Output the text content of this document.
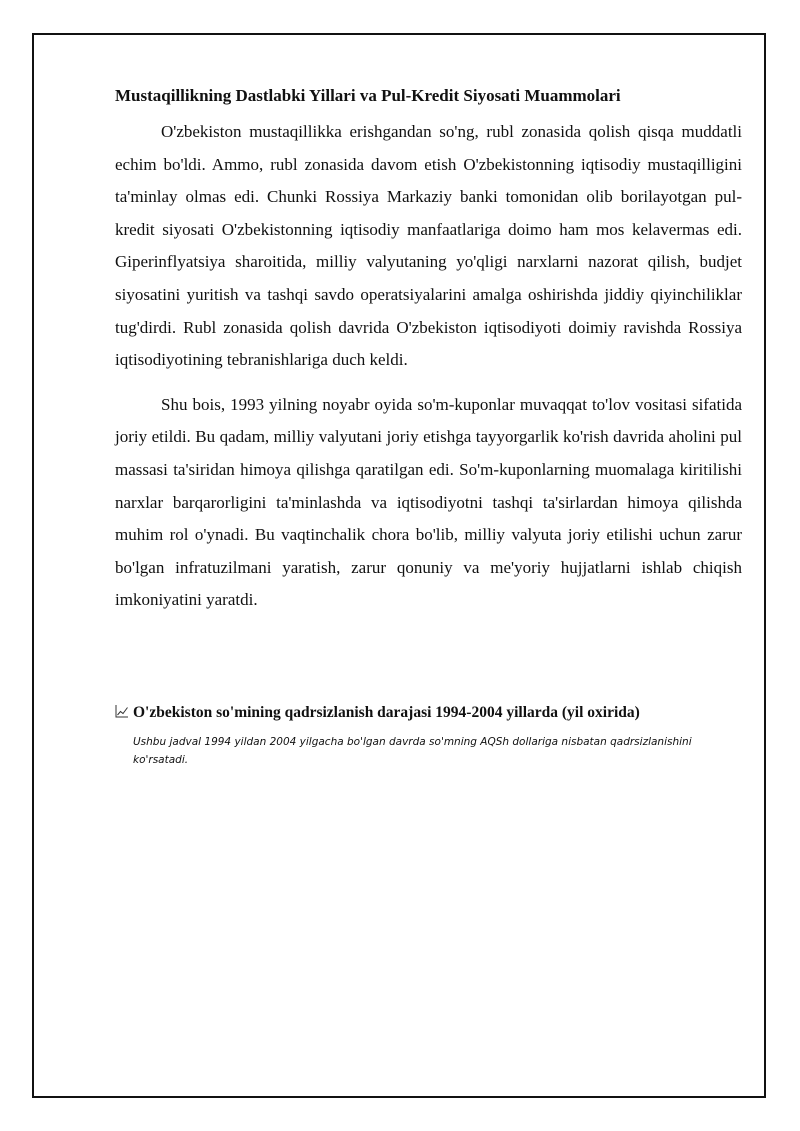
Mustaqillikning Dastlabki Yillari va Pul-Kredit Siyosati Muammolari

O'zbekiston mustaqillikka erishgandan so'ng, rubl zonasida qolish qisqa muddatli echim bo'ldi. Ammo, rubl zonasida davom etish O'zbekistonning iqtisodiy mustaqilligini ta'minlay olmas edi. Chunki Rossiya Markaziy banki tomonidan olib borilayotgan pul-kredit siyosati O'zbekistonning iqtisodiy manfaatlariga doimo ham mos kelavermas edi. Giperinflyatsiya sharoitida, milliy valyutaning yo'qligi narxlarni nazorat qilish, budjet siyosatini yuritish va tashqi savdo operatsiyalarini amalga oshirishda jiddiy qiyinchiliklar tug'dirdi. Rubl zonasida qolish davrida O'zbekiston iqtisodiyoti doimiy ravishda Rossiya iqtisodiyotining tebranishlariga duch keldi.

Shu bois, 1993 yilning noyabr oyida so'm-kuponlar muvaqqat to'lov vositasi sifatida joriy etildi. Bu qadam, milliy valyutani joriy etishga tayyorgarlik ko'rish davrida aholini pul massasi ta'siridan himoya qilishga qaratilgan edi. So'm-kuponlarning muomalaga kiritilishi narxlar barqarorligini ta'minlashda va iqtisodiyotni tashqi ta'sirlardan himoya qilishda muhim rol o'ynadi. Bu vaqtinchalik chora bo'lib, milliy valyuta joriy etilishi uchun zarur bo'lgan infratuzilmani yaratish, zarur qonuniy va me'yoriy hujjatlarni ishlab chiqish imkoniyatini yaratdi.

O'zbekiston so'mining qadrsizlanish darajasi 1994-2004 yillarda (yil oxirida)
Ushbu jadval 1994 yildan 2004 yilgacha bo'lgan davrda so'mning AQSh dollariga nisbatan qadrsizlanishini ko'rsatadi.
